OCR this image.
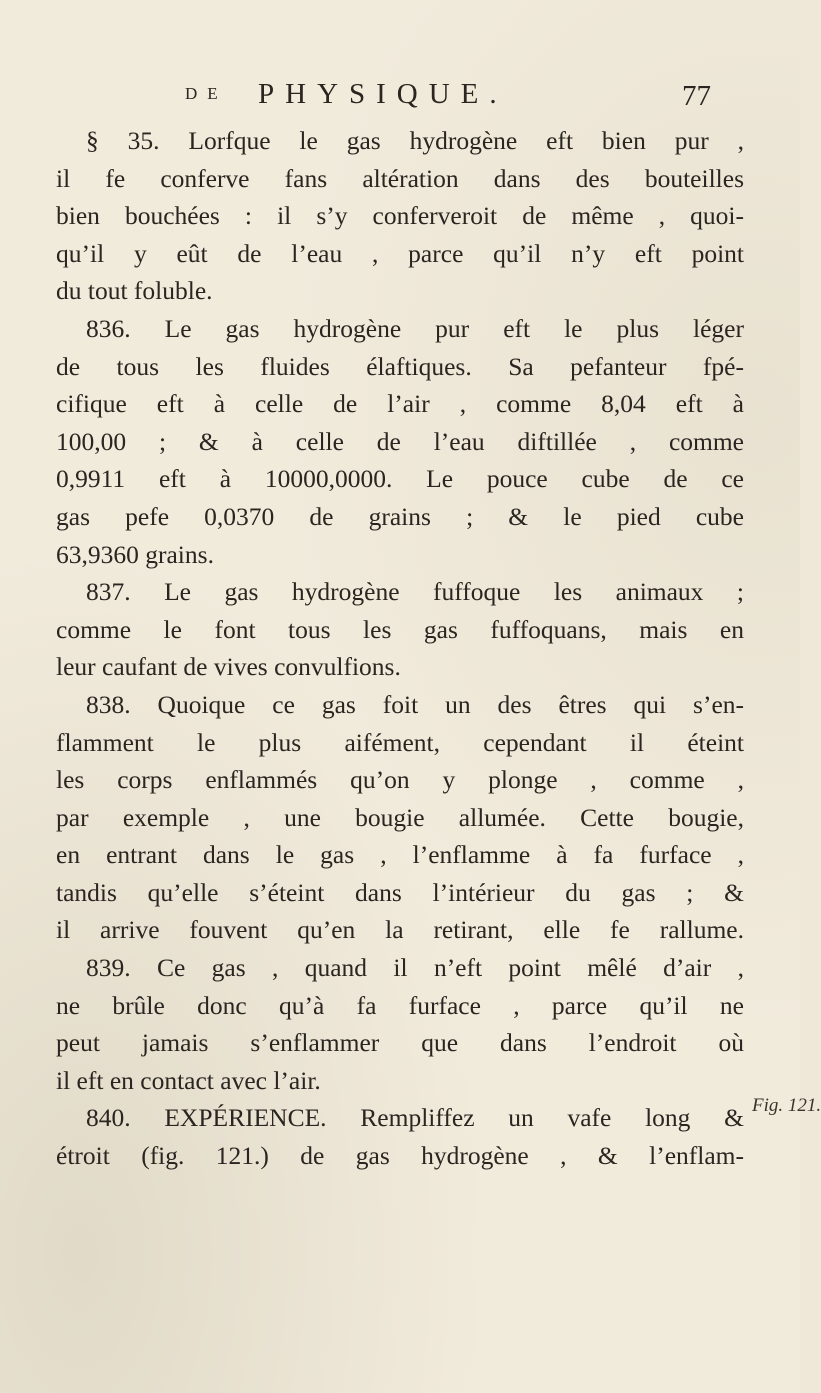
DE PHYSIQUE.	77
§ 35. Lorfque le gas hydrogène eft bien pur ,
il fe conferve fans altération dans des bouteilles
bien bouchées : il s’y conferveroit de même , quoi-
qu’il y eût de l’eau , parce qu’il n’y eft point
du tout foluble.
836. Le gas hydrogène pur eft le plus léger
de tous les fluides élaftiques. Sa pefanteur fpé-
cifique eft à celle de l’air , comme 8,04 eft à
100,00 ; & à celle de l’eau diftillée , comme
0,9911 eft à 10000,0000. Le pouce cube de ce
gas pefe 0,0370 de grains ; & le pied cube
63,9360 grains.
837. Le gas hydrogène fuffoque les animaux ;
comme le font tous les gas fuffoquans, mais en
leur caufant de vives convulfions.
838. Quoique ce gas foit un des êtres qui s’en-
flamment le plus aifément, cependant il éteint
les corps enflammés qu’on y plonge , comme ,
par exemple , une bougie allumée. Cette bougie,
en entrant dans le gas , l’enflamme à fa furface ,
tandis qu’elle s’éteint dans l’intérieur du gas ; &
il arrive fouvent qu’en la retirant, elle fe rallume.
839. Ce gas , quand il n’eft point mêlé d’air ,
ne brûle donc qu’à fa furface , parce qu’il ne
peut jamais s’enflammer que dans l’endroit où
il eft en contact avec l’air.
840. EXPÉRIENCE. Rempliffez un vafe long &
étroit (fig. 121.) de gas hydrogène , & l’enflam-
Fig. 121.
